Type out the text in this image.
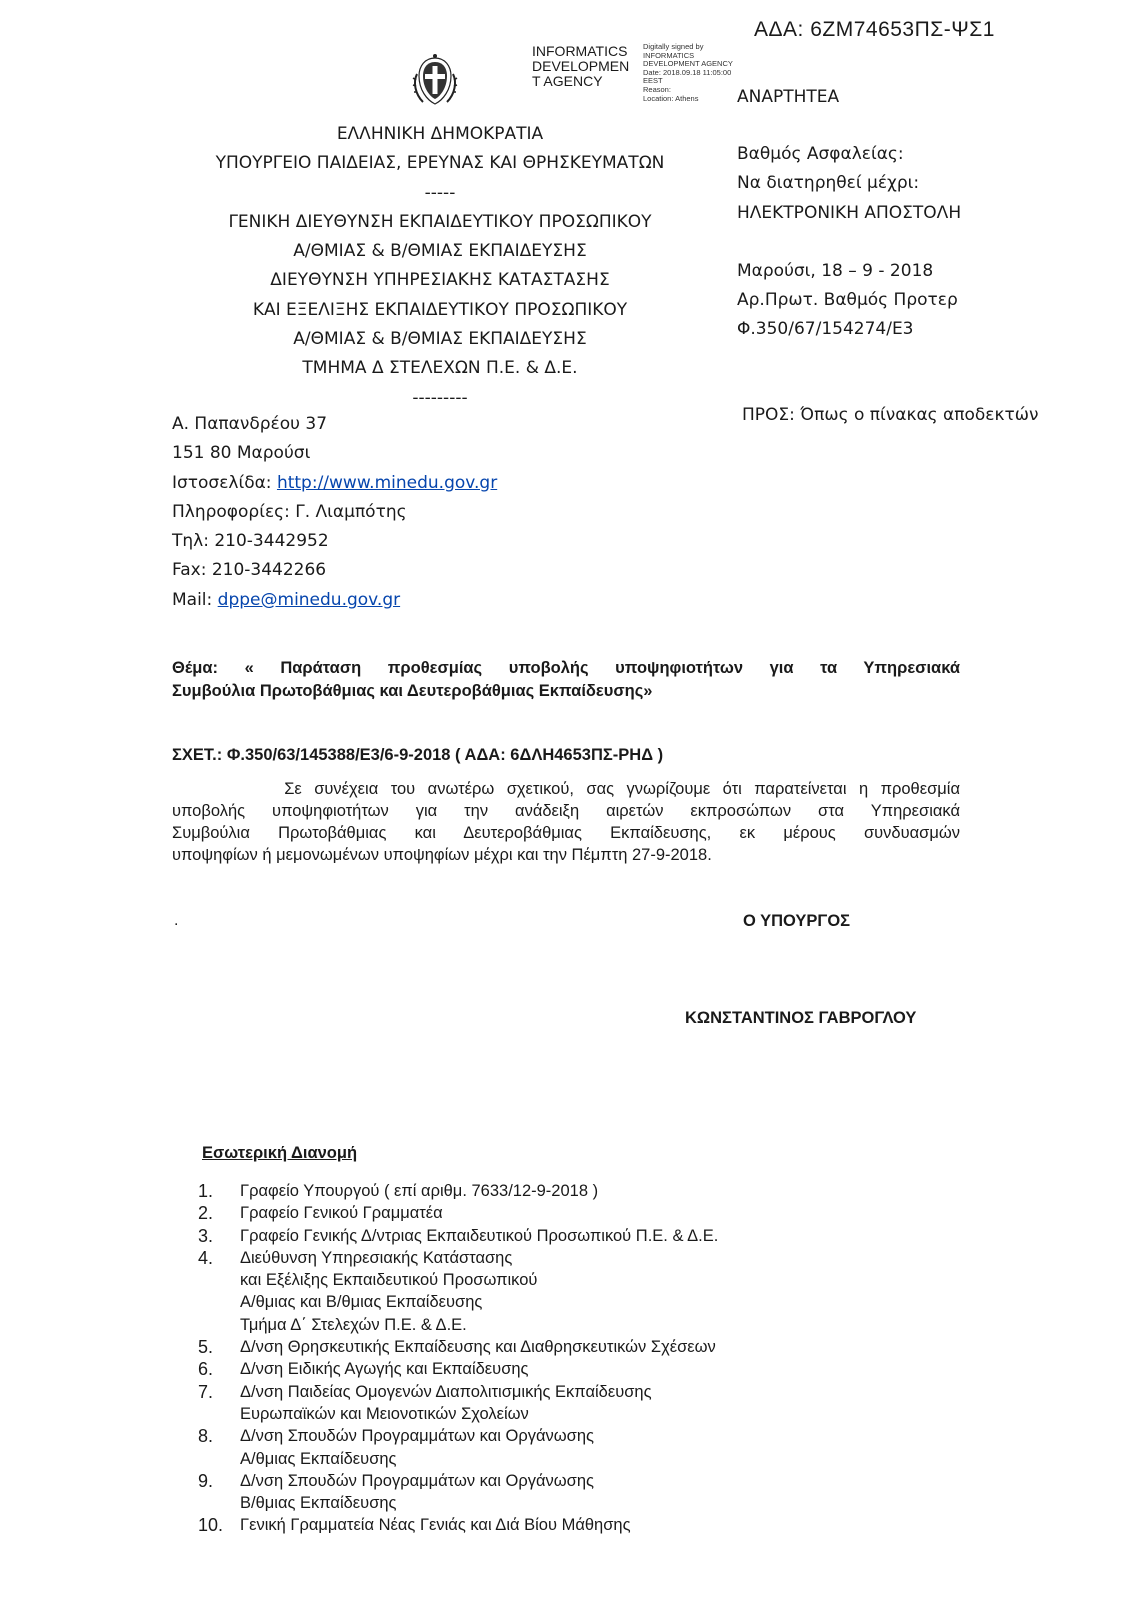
ΑΔΑ: 6ΖΜ74653ΠΣ-ΨΣ1
INFORMATICS
DEVELOPMEN
T AGENCY
Digitally signed by
INFORMATICS
DEVELOPMENT AGENCY
Date: 2018.09.18 11:05:00
EEST
Reason:
Location: Athens	ΑΝΑΡΤΗΤΕΑ
ΕΛΛΗΝΙΚΗ ΔΗΜΟΚΡΑΤΙΑ
ΥΠΟΥΡΓΕΙΟ ΠΑΙΔΕΙΑΣ, ΕΡΕΥΝΑΣ ΚΑΙ ΘΡΗΣΚΕΥΜΑΤΩΝ
-----
ΓΕΝΙΚΗ ΔΙΕΥΘΥΝΣΗ ΕΚΠΑΙΔΕΥΤΙΚΟΥ ΠΡΟΣΩΠΙΚΟΥ
Α/ΘΜΙΑΣ & Β/ΘΜΙΑΣ ΕΚΠΑΙΔΕΥΣΗΣ
ΔΙΕΥΘΥΝΣΗ ΥΠΗΡΕΣΙΑΚΗΣ ΚΑΤΑΣΤΑΣΗΣ
ΚΑΙ ΕΞΕΛΙΞΗΣ ΕΚΠΑΙΔΕΥΤΙΚΟΥ ΠΡΟΣΩΠΙΚΟΥ
Α/ΘΜΙΑΣ & Β/ΘΜΙΑΣ ΕΚΠΑΙΔΕΥΣΗΣ
ΤΜΗΜΑ Δ ΣΤΕΛΕΧΩΝ Π.Ε. & Δ.Ε.
---------
Βαθμός Ασφαλείας:
Να διατηρηθεί μέχρι:
ΗΛΕΚΤΡΟΝΙΚΗ ΑΠΟΣΤΟΛΗ
Μαρούσι, 18 – 9 - 2018
Αρ.Πρωτ. Βαθμός Προτερ
Φ.350/67/154274/Ε3
ΠΡΟΣ: Όπως ο πίνακας αποδεκτών
Α. Παπανδρέου 37
151 80 Μαρούσι
Ιστοσελίδα: http://www.minedu.gov.gr
Πληροφορίες: Γ. Λιαμπότης
Τηλ: 210-3442952
Fax: 210-3442266
Mail: dppe@minedu.gov.gr
Θέμα: « Παράταση προθεσμίας υποβολής υποψηφιοτήτων για τα Υπηρεσιακά
Συμβούλια Πρωτοβάθμιας και Δευτεροβάθμιας Εκπαίδευσης»
ΣΧΕΤ.: Φ.350/63/145388/Ε3/6-9-2018 ( ΑΔΑ: 6ΔΛΗ4653ΠΣ-ΡΗΔ )
Σε συνέχεια του ανωτέρω σχετικού, σας γνωρίζουμε ότι παρατείνεται η προθεσμία
υποβολής υποψηφιοτήτων για την ανάδειξη αιρετών εκπροσώπων στα Υπηρεσιακά
Συμβούλια Πρωτοβάθμιας και Δευτεροβάθμιας Εκπαίδευσης, εκ μέρους συνδυασμών
υποψηφίων ή μεμονωμένων υποψηφίων μέχρι και την Πέμπτη 27-9-2018.
.	Ο ΥΠΟΥΡΓΟΣ
ΚΩΝΣΤΑΝΤΙΝΟΣ ΓΑΒΡΟΓΛΟΥ
Εσωτερική Διανομή
1.	Γραφείο Υπουργού ( επί αριθμ. 7633/12-9-2018 )
2.	Γραφείο Γενικού Γραμματέα
3.	Γραφείο Γενικής Δ/ντριας Εκπαιδευτικού Προσωπικού Π.Ε. & Δ.Ε.
4.	Διεύθυνση Υπηρεσιακής Κατάστασης
και Εξέλιξης Εκπαιδευτικού Προσωπικού
Α/θμιας και Β/θμιας Εκπαίδευσης
Τμήμα Δ΄ Στελεχών Π.Ε. & Δ.Ε.
5.	Δ/νση Θρησκευτικής Εκπαίδευσης και Διαθρησκευτικών Σχέσεων
6.	Δ/νση Ειδικής Αγωγής και Εκπαίδευσης
7.	Δ/νση Παιδείας Ομογενών Διαπολιτισμικής Εκπαίδευσης
Ευρωπαϊκών και Μειονοτικών Σχολείων
8.	Δ/νση Σπουδών Προγραμμάτων και Οργάνωσης
Α/θμιας Εκπαίδευσης
9.	Δ/νση Σπουδών Προγραμμάτων και Οργάνωσης
Β/θμιας Εκπαίδευσης
10.	Γενική Γραμματεία Νέας Γενιάς και Διά Βίου Μάθησης
